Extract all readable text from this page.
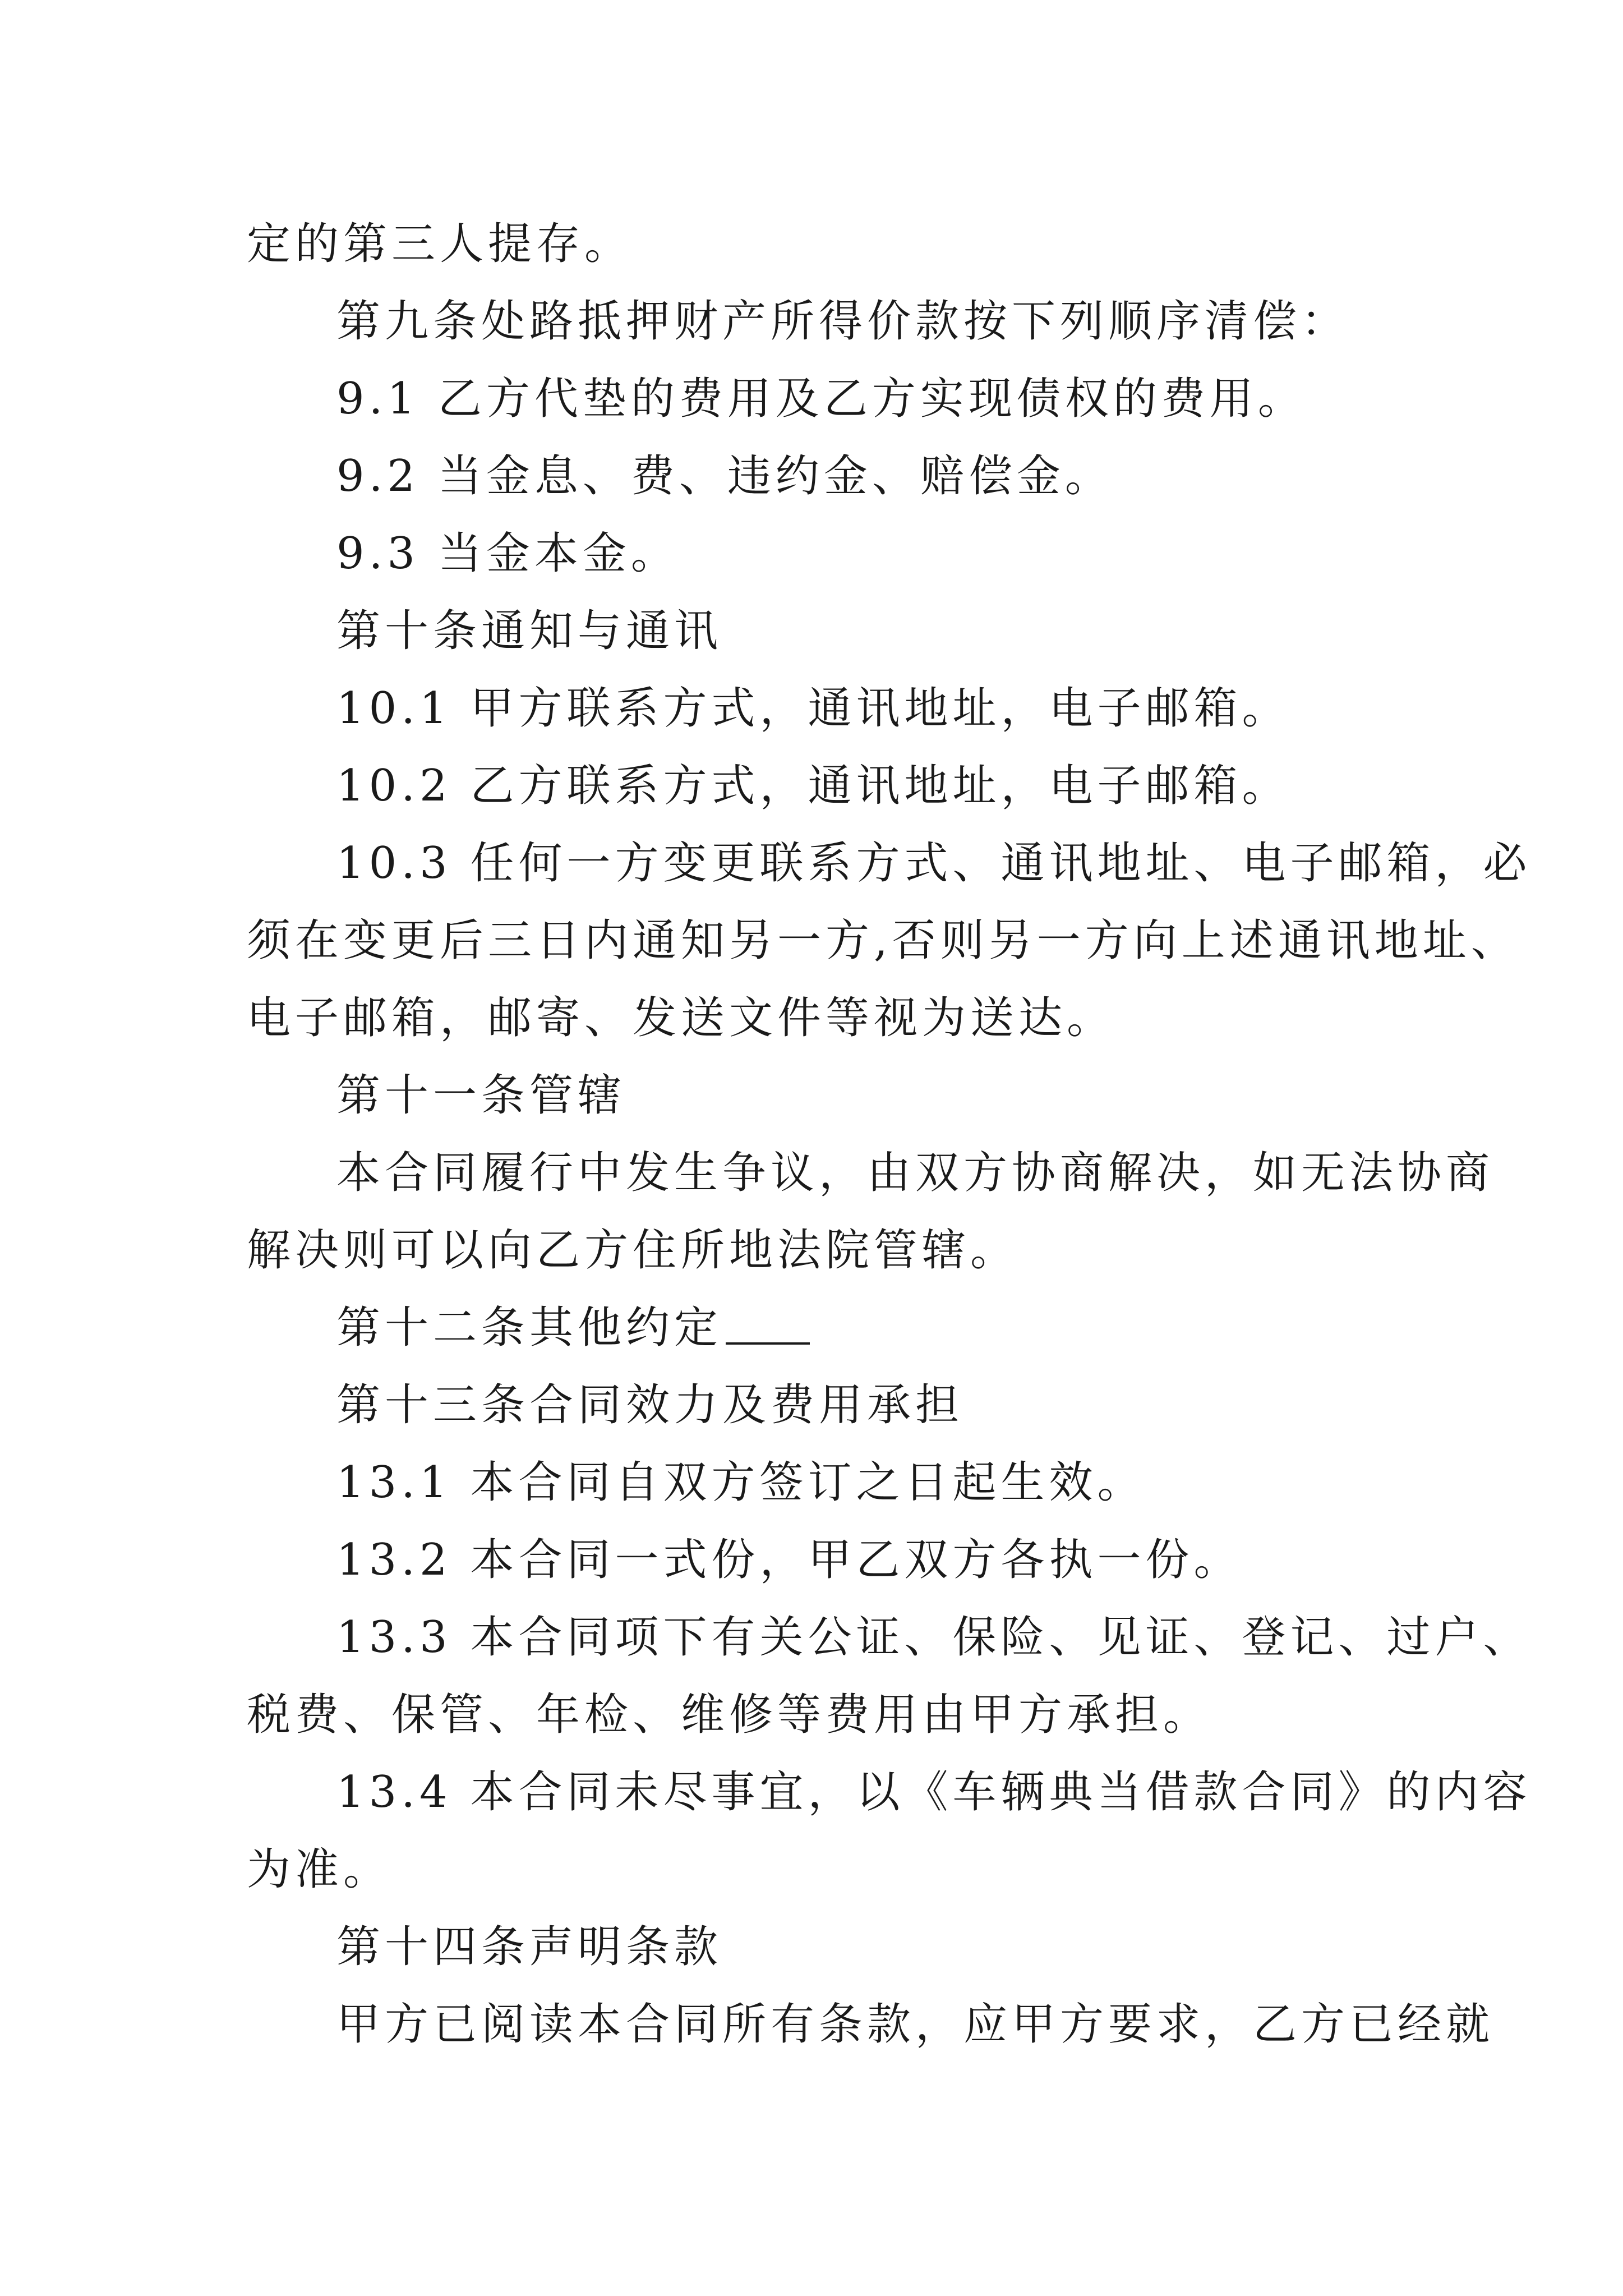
定的第三人提存。

第九条处路抵押财产所得价款按下列顺序清偿：

9.1 乙方代垫的费用及乙方实现债权的费用。

9.2 当金息、费、违约金、赔偿金。

9.3 当金本金。

第十条通知与通讯

10.1 甲方联系方式，通讯地址，电子邮箱。

10.2 乙方联系方式，通讯地址，电子邮箱。

10.3 任何一方变更联系方式、通讯地址、电子邮箱，必

须在变更后三日内通知另一方,否则另一方向上述通讯地址、

电子邮箱，邮寄、发送文件等视为送达。

第十一条管辖

本合同履行中发生争议，由双方协商解决，如无法协商

解决则可以向乙方住所地法院管辖。

第十二条其他约定

第十三条合同效力及费用承担

13.1 本合同自双方签订之日起生效。

13.2 本合同一式份，甲乙双方各执一份。

13.3 本合同项下有关公证、保险、见证、登记、过户、

税费、保管、年检、维修等费用由甲方承担。

13.4 本合同未尽事宜，以《车辆典当借款合同》的内容

为准。

第十四条声明条款

甲方已阅读本合同所有条款，应甲方要求，乙方已经就
